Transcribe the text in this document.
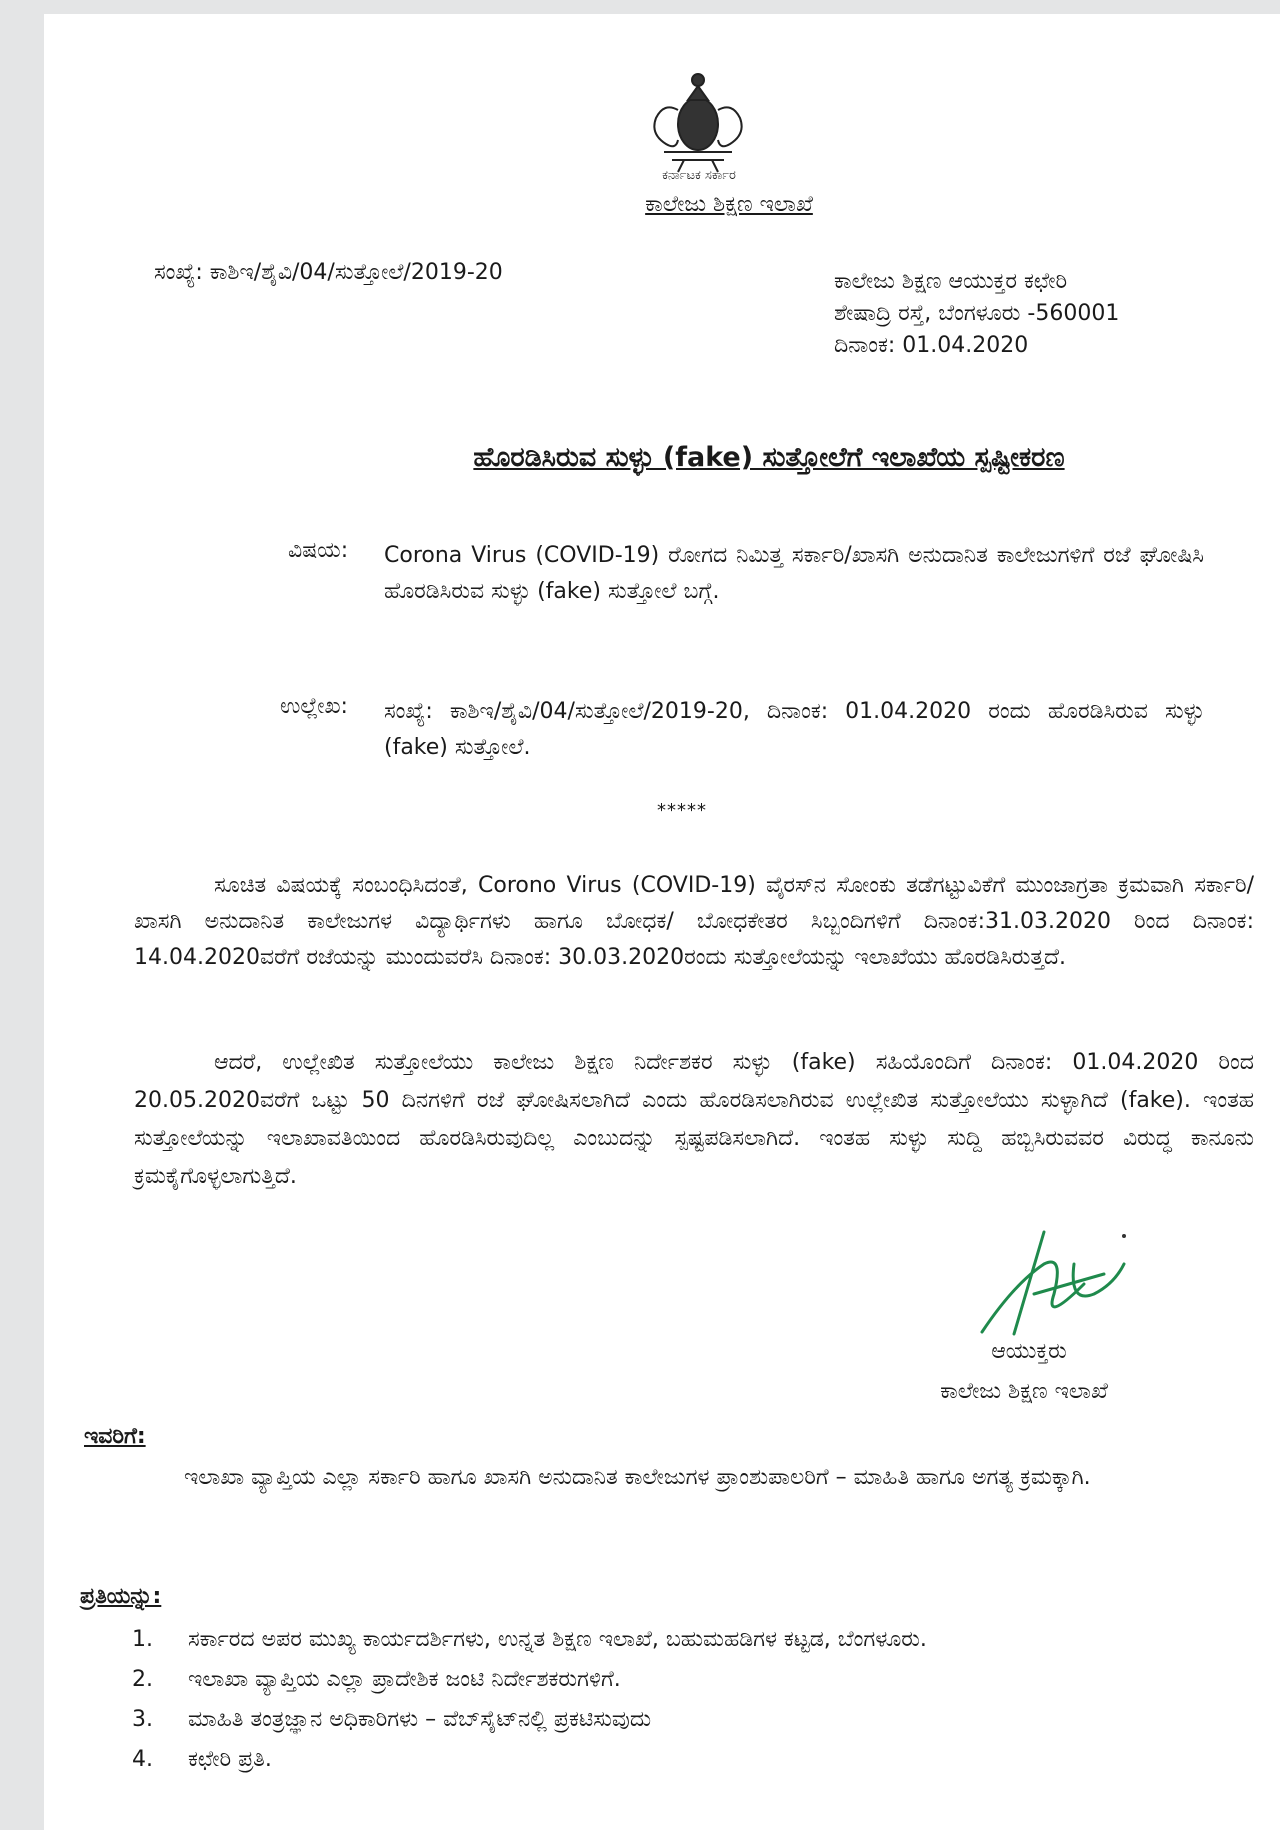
ಕರ್ನಾಟಕ ಸರ್ಕಾರ
ಕಾಲೇಜು ಶಿಕ್ಷಣ ಇಲಾಖೆ
ಸಂಖ್ಯೆ: ಕಾಶಿಇ/ಶೈವಿ/04/ಸುತ್ತೋಲೆ/2019-20	ಕಾಲೇಜು ಶಿಕ್ಷಣ ಆಯುಕ್ತರ ಕಛೇರಿ
ಶೇಷಾದ್ರಿ ರಸ್ತೆ, ಬೆಂಗಳೂರು -560001
ದಿನಾಂಕ: 01.04.2020
ಹೊರಡಿಸಿರುವ ಸುಳ್ಳು (fake) ಸುತ್ತೋಲೆಗೆ ಇಲಾಖೆಯ ಸ್ಪಷ್ಟೀಕರಣ
ವಿಷಯ: Corona Virus (COVID-19) ರೋಗದ ನಿಮಿತ್ತ ಸರ್ಕಾರಿ/ಖಾಸಗಿ ಅನುದಾನಿತ ಕಾಲೇಜುಗಳಿಗೆ ರಜೆ ಘೋಷಿಸಿ ಹೊರಡಿಸಿರುವ ಸುಳ್ಳು (fake) ಸುತ್ತೋಲೆ ಬಗ್ಗೆ.
ಉಲ್ಲೇಖ: ಸಂಖ್ಯೆ: ಕಾಶಿಇ/ಶೈವಿ/04/ಸುತ್ತೋಲೆ/2019-20, ದಿನಾಂಕ: 01.04.2020 ರಂದು ಹೊರಡಿಸಿರುವ ಸುಳ್ಳು (fake) ಸುತ್ತೋಲೆ.
*****
ಸೂಚಿತ ವಿಷಯಕ್ಕೆ ಸಂಬಂಧಿಸಿದಂತೆ, Corono Virus (COVID-19) ವೈರಸ್‌ನ ಸೋಂಕು ತಡೆಗಟ್ಟುವಿಕೆಗೆ ಮುಂಜಾಗ್ರತಾ ಕ್ರಮವಾಗಿ ಸರ್ಕಾರಿ/ಖಾಸಗಿ ಅನುದಾನಿತ ಕಾಲೇಜುಗಳ ವಿದ್ಯಾರ್ಥಿಗಳು ಹಾಗೂ ಬೋಧಕ/ ಬೋಧಕೇತರ ಸಿಬ್ಬಂದಿಗಳಿಗೆ ದಿನಾಂಕ:31.03.2020 ರಿಂದ ದಿನಾಂಕ: 14.04.2020ವರೆಗೆ ರಜೆಯನ್ನು ಮುಂದುವರೆಸಿ ದಿನಾಂಕ: 30.03.2020ರಂದು ಸುತ್ತೋಲೆಯನ್ನು ಇಲಾಖೆಯು ಹೊರಡಿಸಿರುತ್ತದೆ.
ಆದರೆ, ಉಲ್ಲೇಖಿತ ಸುತ್ತೋಲೆಯು ಕಾಲೇಜು ಶಿಕ್ಷಣ ನಿರ್ದೇಶಕರ ಸುಳ್ಳು (fake) ಸಹಿಯೊಂದಿಗೆ ದಿನಾಂಕ: 01.04.2020 ರಿಂದ 20.05.2020ವರೆಗೆ ಒಟ್ಟು 50 ದಿನಗಳಿಗೆ ರಜೆ ಘೋಷಿಸಲಾಗಿದೆ ಎಂದು ಹೊರಡಿಸಲಾಗಿರುವ ಉಲ್ಲೇಖಿತ ಸುತ್ತೋಲೆಯು ಸುಳ್ಳಾಗಿದೆ (fake). ಇಂತಹ ಸುತ್ತೋಲೆಯನ್ನು ಇಲಾಖಾವತಿಯಿಂದ ಹೊರಡಿಸಿರುವುದಿಲ್ಲ ಎಂಬುದನ್ನು ಸ್ಪಷ್ಟಪಡಿಸಲಾಗಿದೆ. ಇಂತಹ ಸುಳ್ಳು ಸುದ್ದಿ ಹಬ್ಬಿಸಿರುವವರ ವಿರುದ್ಧ ಕಾನೂನು ಕ್ರಮಕೈಗೊಳ್ಳಲಾಗುತ್ತಿದೆ.
ಆಯುಕ್ತರು
ಕಾಲೇಜು ಶಿಕ್ಷಣ ಇಲಾಖೆ
ಇವರಿಗೆ:
ಇಲಾಖಾ ವ್ಯಾಪ್ತಿಯ ಎಲ್ಲಾ ಸರ್ಕಾರಿ ಹಾಗೂ ಖಾಸಗಿ ಅನುದಾನಿತ ಕಾಲೇಜುಗಳ ಪ್ರಾಂಶುಪಾಲರಿಗೆ – ಮಾಹಿತಿ ಹಾಗೂ ಅಗತ್ಯ ಕ್ರಮಕ್ಕಾಗಿ.
ಪ್ರತಿಯನ್ನು:
1. ಸರ್ಕಾರದ ಅಪರ ಮುಖ್ಯ ಕಾರ್ಯದರ್ಶಿಗಳು, ಉನ್ನತ ಶಿಕ್ಷಣ ಇಲಾಖೆ, ಬಹುಮಹಡಿಗಳ ಕಟ್ಟಡ, ಬೆಂಗಳೂರು.
2. ಇಲಾಖಾ ವ್ಯಾಪ್ತಿಯ ಎಲ್ಲಾ ಪ್ರಾದೇಶಿಕ ಜಂಟಿ ನಿರ್ದೇಶಕರುಗಳಿಗೆ.
3. ಮಾಹಿತಿ ತಂತ್ರಜ್ಞಾನ ಅಧಿಕಾರಿಗಳು – ವೆಬ್‌ಸೈಟ್‌ನಲ್ಲಿ ಪ್ರಕಟಿಸುವುದು
4. ಕಛೇರಿ ಪ್ರತಿ.
